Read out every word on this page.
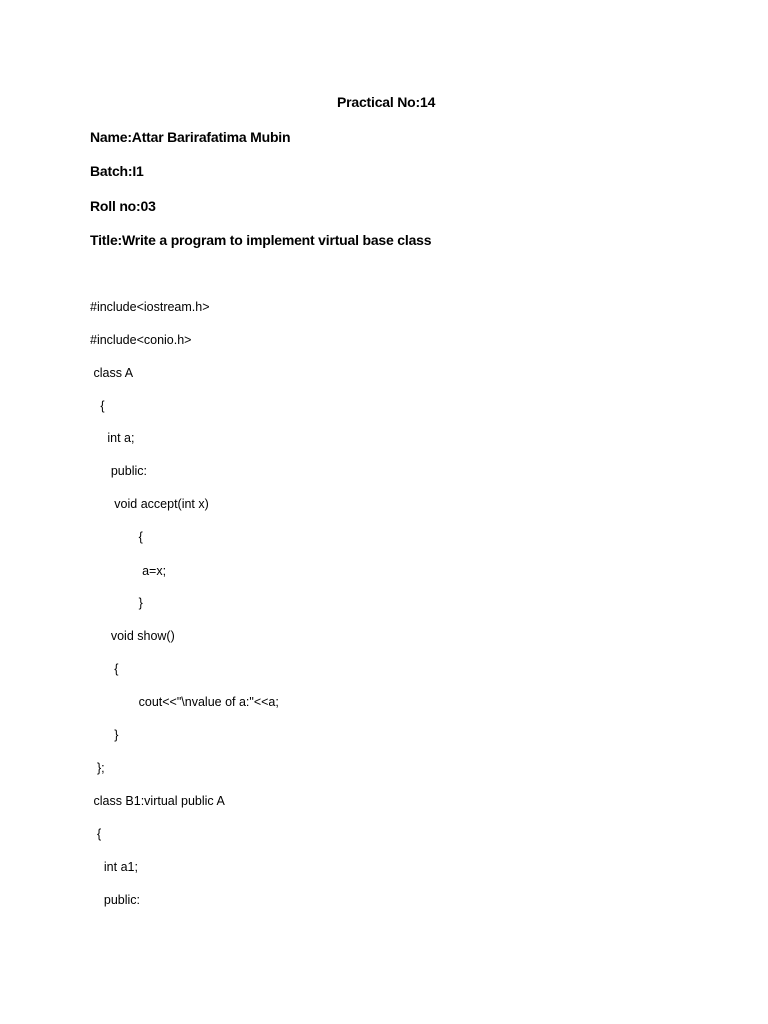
Practical No:14
Name:Attar Barirafatima Mubin
Batch:I1
Roll no:03
Title:Write a program to implement virtual base class
#include<iostream.h>
#include<conio.h>
class A
{
int a;
public:
void accept(int x)
{
a=x;
}
void show()
{
cout<<"\nvalue of a:"<<a;
}
};
class B1:virtual public A
{
int a1;
public:
